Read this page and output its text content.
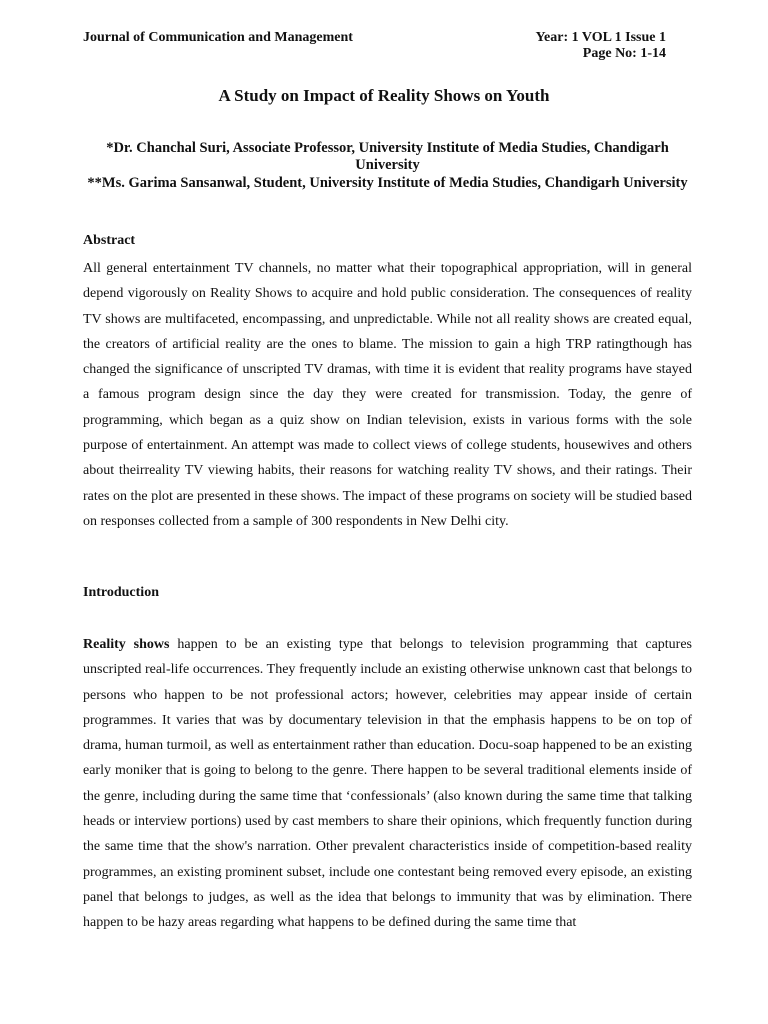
Journal of Communication and Management	Year: 1 VOL 1 Issue 1
Page No: 1-14
A Study on Impact of Reality Shows on Youth

*Dr. Chanchal Suri, Associate Professor, University Institute of Media Studies, Chandigarh University

**Ms. Garima Sansanwal, Student, University Institute of Media Studies, Chandigarh University

Abstract

All general entertainment TV channels, no matter what their topographical appropriation, will in general depend vigorously on Reality Shows to acquire and hold public consideration. The consequences of reality TV shows are multifaceted, encompassing, and unpredictable. While not all reality shows are created equal, the creators of artificial reality are the ones to blame. The mission to gain a high TRP ratingthough has changed the significance of unscripted TV dramas, with time it is evident that reality programs have stayed a famous program design since the day they were created for transmission. Today, the genre of programming, which began as a quiz show on Indian television, exists in various forms with the sole purpose of entertainment. An attempt was made to collect views of college students, housewives and others about theirreality TV viewing habits, their reasons for watching reality TV shows, and their ratings. Their rates on the plot are presented in these shows. The impact of these programs on society will be studied based on responses collected from a sample of 300 respondents in New Delhi city.

Introduction

Reality shows happen to be an existing type that belongs to television programming that captures unscripted real-life occurrences. They frequently include an existing otherwise unknown cast that belongs to persons who happen to be not professional actors; however, celebrities may appear inside of certain programmes. It varies that was by documentary television in that the emphasis happens to be on top of drama, human turmoil, as well as entertainment rather than education. Docu-soap happened to be an existing early moniker that is going to belong to the genre. There happen to be several traditional elements inside of the genre, including during the same time that ‘confessionals’ (also known during the same time that talking heads or interview portions) used by cast members to share their opinions, which frequently function during the same time that the show's narration. Other prevalent characteristics inside of competition-based reality programmes, an existing prominent subset, include one contestant being removed every episode, an existing panel that belongs to judges, as well as the idea that belongs to immunity that was by elimination. There happen to be hazy areas regarding what happens to be defined during the same time that
